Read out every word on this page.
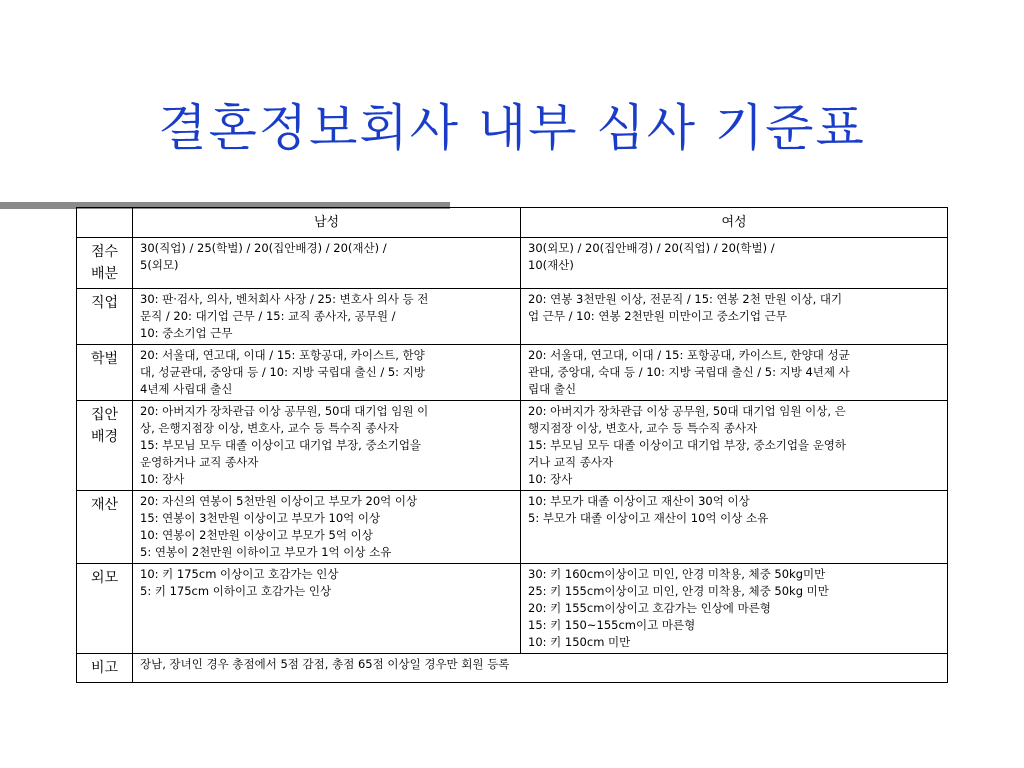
결혼정보회사 내부 심사 기준표
	남성	여성

점수
배분	30(직업) / 25(학벌) / 20(집안배경) / 20(재산) /
5(외모)	30(외모) / 20(집안배경) / 20(직업) / 20(학벌) /
10(재산)

직업	30: 판·검사, 의사, 벤처회사 사장 / 25: 변호사 의사 등 전
문직 / 20: 대기업 근무 / 15: 교직 종사자, 공무원 /
10: 중소기업 근무	20: 연봉 3천만원 이상, 전문직 / 15: 연봉 2천 만원 이상, 대기
업 근무 / 10: 연봉 2천만원 미만이고 중소기업 근무

학벌	20: 서울대, 연고대, 이대 / 15: 포항공대, 카이스트, 한양
대, 성균관대, 중앙대 등 / 10: 지방 국립대 출신 / 5: 지방
4년제 사립대 출신	20: 서울대, 연고대, 이대 / 15: 포항공대, 카이스트, 한양대 성균
관대, 중앙대, 숙대 등 / 10: 지방 국립대 출신 / 5: 지방 4년제 사
립대 출신

집안
배경	20: 아버지가 장차관급 이상 공무원, 50대 대기업 임원 이
상, 은행지점장 이상, 변호사, 교수 등 특수직 종사자
15: 부모님 모두 대졸 이상이고 대기업 부장, 중소기업을
운영하거나 교직 종사자
10: 장사	20: 아버지가 장차관급 이상 공무원, 50대 대기업 임원 이상, 은
행지점장 이상, 변호사, 교수 등 특수직 종사자
15: 부모님 모두 대졸 이상이고 대기업 부장, 중소기업을 운영하
거나 교직 종사자
10: 장사

재산	20: 자신의 연봉이 5천만원 이상이고 부모가 20억 이상
15: 연봉이 3천만원 이상이고 부모가 10억 이상
10: 연봉이 2천만원 이상이고 부모가 5억 이상
5: 연봉이 2천만원 이하이고 부모가 1억 이상 소유	10: 부모가 대졸 이상이고 재산이 30억 이상
5: 부모가 대졸 이상이고 재산이 10억 이상 소유

외모	10: 키 175cm 이상이고 호감가는 인상
5: 키 175cm 이하이고 호감가는 인상	30: 키 160cm이상이고 미인, 안경 미착용, 체중 50kg미만
25: 키 155cm이상이고 미인, 안경 미착용, 체중 50kg 미만
20: 키 155cm이상이고 호감가는 인상에 마른형
15: 키 150~155cm이고 마른형
10: 키 150cm 미만

비고	장남, 장녀인 경우 총점에서 5점 감점, 총점 65점 이상일 경우만 회원 등록	
